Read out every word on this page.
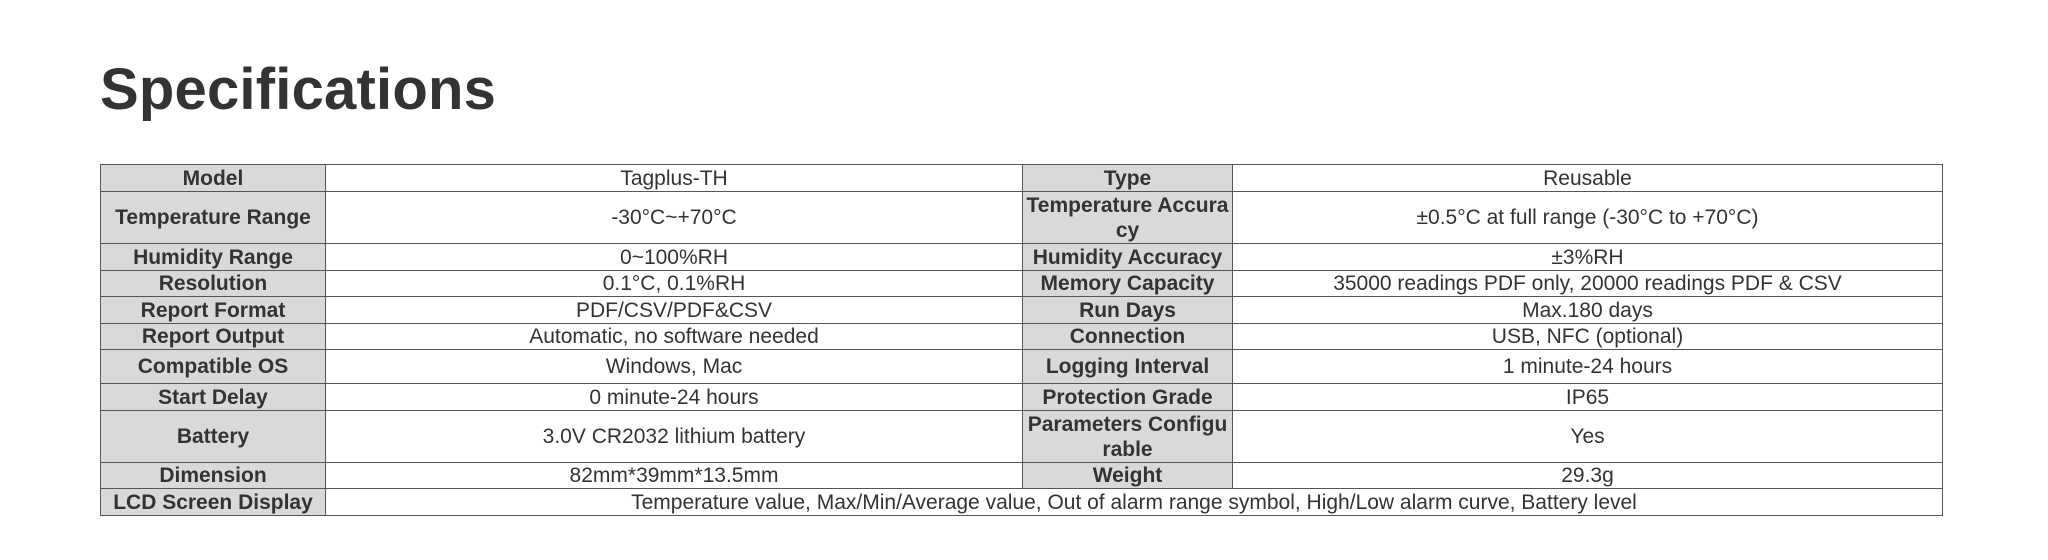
Specifications
Model	Tagplus-TH	Type	Reusable
Temperature Range	-30°C~+70°C	Temperature Accuracy	±0.5°C at full range (-30°C to +70°C)
Humidity Range	0~100%RH	Humidity Accuracy	±3%RH
Resolution	0.1°C, 0.1%RH	Memory Capacity	35000 readings PDF only, 20000 readings PDF & CSV
Report Format	PDF/CSV/PDF&CSV	Run Days	Max.180 days
Report Output	Automatic, no software needed	Connection	USB, NFC (optional)
Compatible OS	Windows, Mac	Logging Interval	1 minute-24 hours
Start Delay	0 minute-24 hours	Protection Grade	IP65
Battery	3.0V CR2032 lithium battery	Parameters Configurable	Yes
Dimension	82mm*39mm*13.5mm	Weight	29.3g
LCD Screen Display	Temperature value, Max/Min/Average value, Out of alarm range symbol, High/Low alarm curve, Battery level		
